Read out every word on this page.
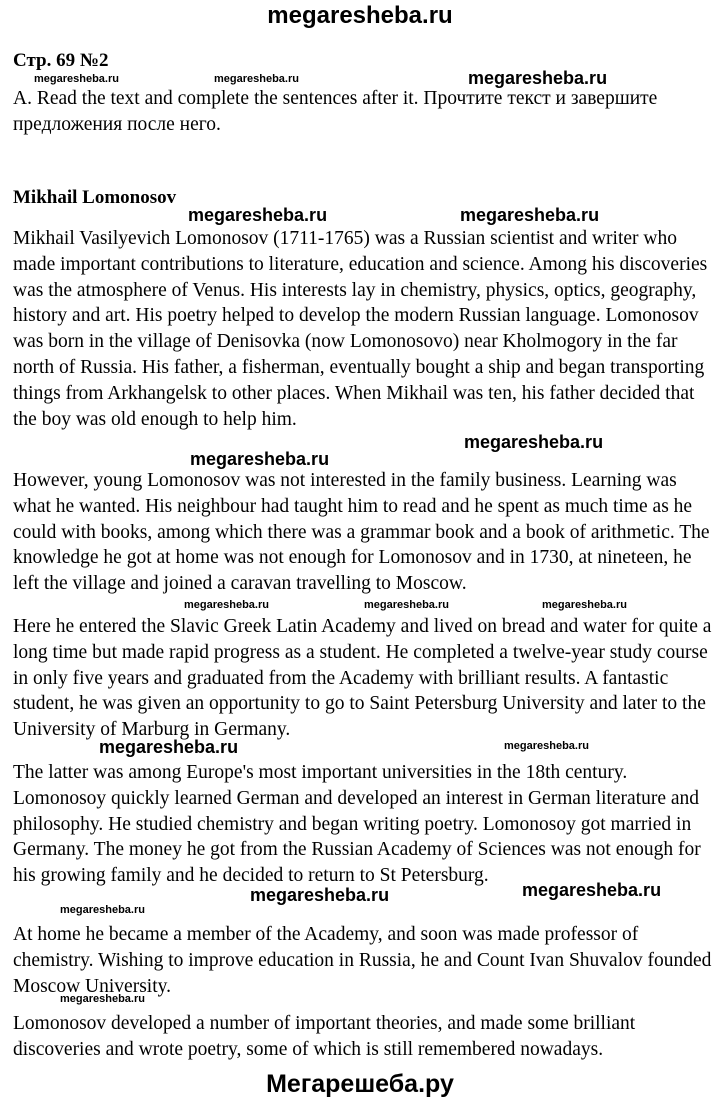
megaresheba.ru
Стр. 69 №2

A. Read the text and complete the sentences after it. Прочтите текст и завершите предложения после него.

Mikhail Lomonosov

Mikhail Vasilyevich Lomonosov (1711-1765) was a Russian scientist and writer who made important contributions to literature, education and science. Among his discoveries was the atmosphere of Venus. His interests lay in chemistry, physics, optics, geography, history and art. His poetry helped to develop the modern Russian language. Lomonosov was born in the village of Denisovka (now Lomonosovo) near Kholmogory in the far north of Russia. His father, a fisherman, eventually bought a ship and began transporting things from Arkhangelsk to other places. When Mikhail was ten, his father decided that the boy was old enough to help him.

However, young Lomonosov was not interested in the family business. Learning was what he wanted. His neighbour had taught him to read and he spent as much time as he could with books, among which there was a grammar book and a book of arithmetic. The knowledge he got at home was not enough for Lomonosov and in 1730, at nineteen, he left the village and joined a caravan travelling to Moscow.

Here he entered the Slavic Greek Latin Academy and lived on bread and water for quite a long time but made rapid progress as a student. He completed a twelve-year study course in only five years and graduated from the Academy with brilliant results. A fantastic student, he was given an opportunity to go to Saint Petersburg University and later to the University of Marburg in Germany.

The latter was among Europe's most important universities in the 18th century. Lomonosoy quickly learned German and developed an interest in German literature and philosophy. He studied chemistry and began writing poetry. Lomonosoy got married in Germany. The money he got from the Russian Academy of Sciences was not enough for his growing family and he decided to return to St Petersburg.

At home he became a member of the Academy, and soon was made professor of chemistry. Wishing to improve education in Russia, he and Count Ivan Shuvalov founded Moscow University.

Lomonosov developed a number of important theories, and made some brilliant discoveries and wrote poetry, some of which is still remembered nowadays.

megaresheba.ru	megaresheba.ru	megaresheba.ru
megaresheba.ru	megaresheba.ru
megaresheba.ru
megaresheba.ru
megaresheba.ru	megaresheba.ru	megaresheba.ru
megaresheba.ru	megaresheba.ru
megaresheba.ru	megaresheba.ru
megaresheba.ru
megaresheba.ru
Мегарешеба.ру
